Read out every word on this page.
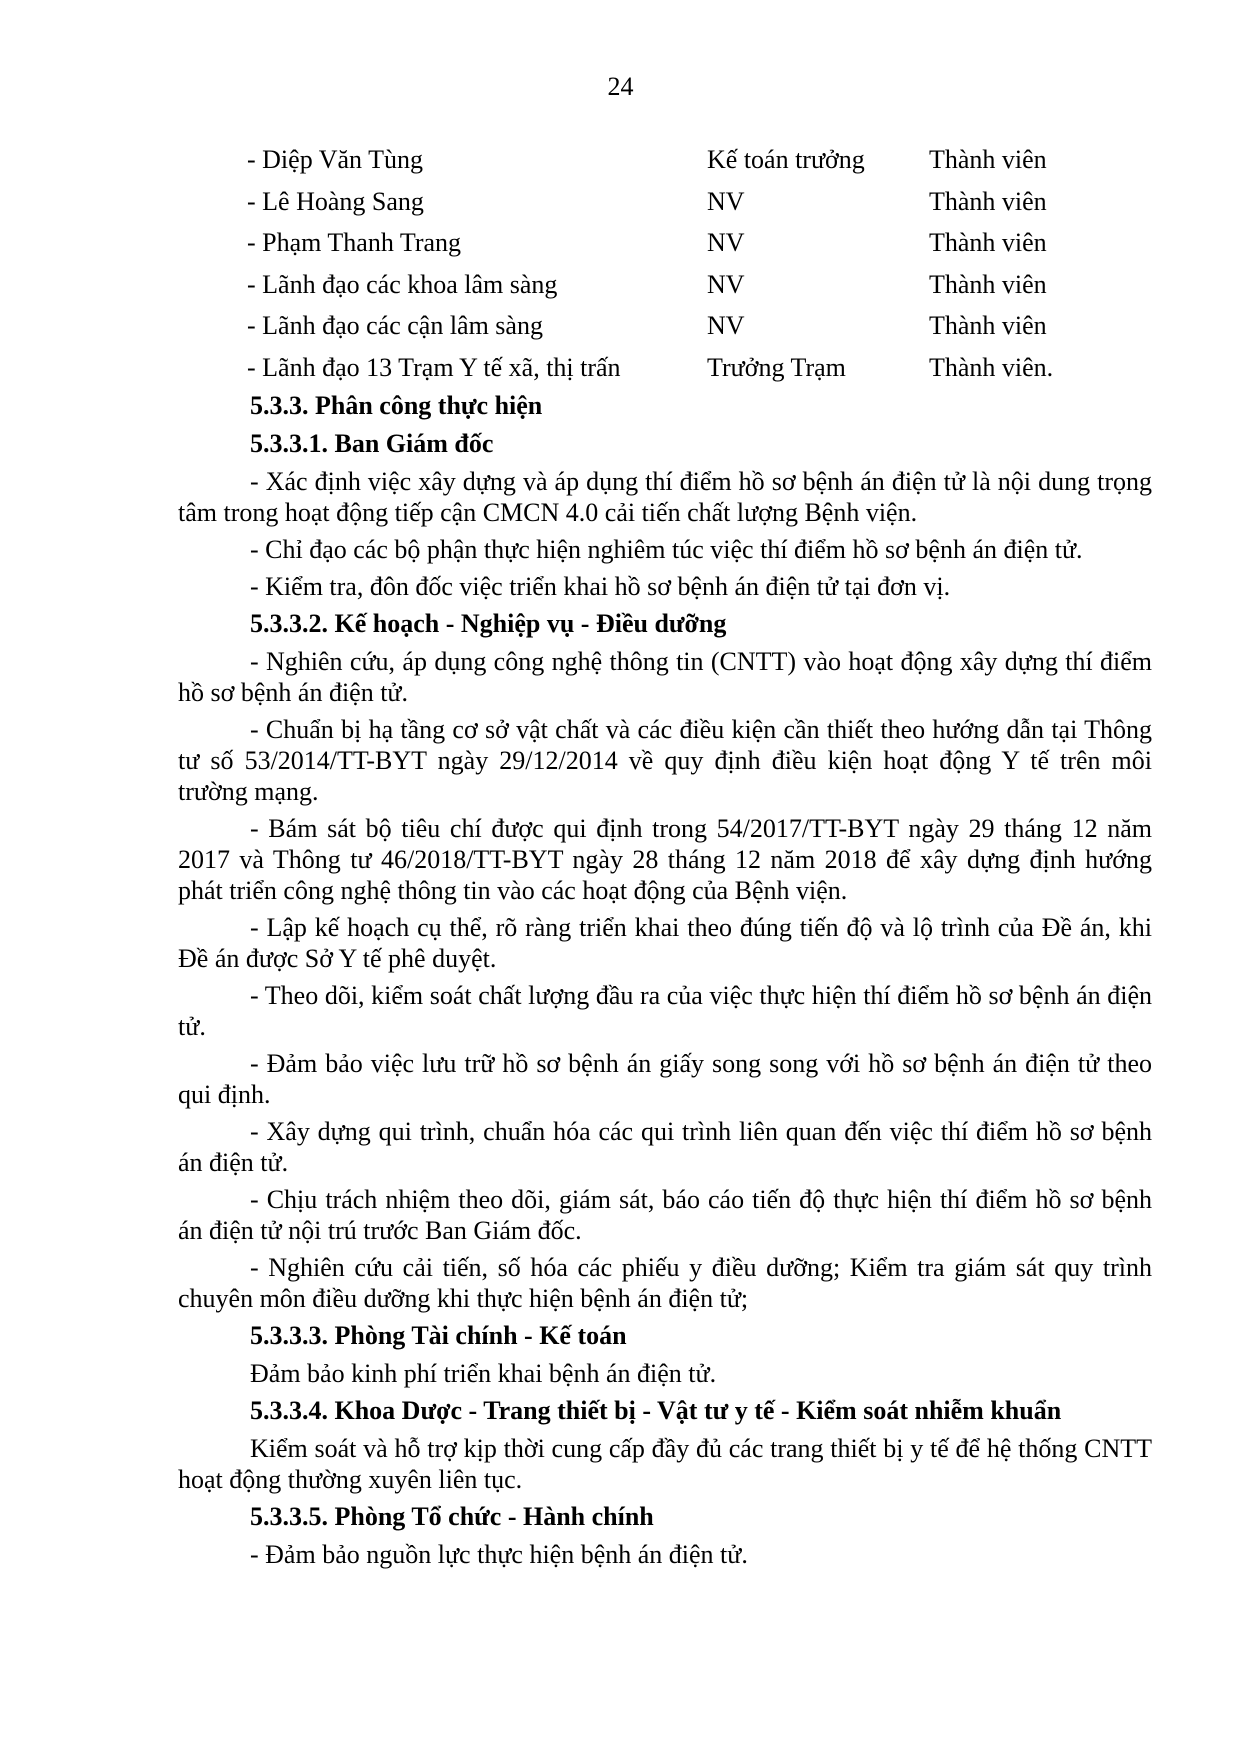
24
- Diệp Văn Tùng	Kế toán trưởng Thành viên
- Lê Hoàng Sang	NV	Thành viên
- Phạm Thanh Trang	NV	Thành viên
- Lãnh đạo các khoa lâm sàng	NV	Thành viên
- Lãnh đạo các cận lâm sàng	NV	Thành viên
- Lãnh đạo 13 Trạm Y tế xã, thị trấn	Trưởng Trạm	Thành viên.
5.3.3. Phân công thực hiện
5.3.3.1. Ban Giám đốc
- Xác định việc xây dựng và áp dụng thí điểm hồ sơ bệnh án điện tử là nội dung trọng tâm trong hoạt động tiếp cận CMCN 4.0 cải tiến chất lượng Bệnh viện.
- Chỉ đạo các bộ phận thực hiện nghiêm túc việc thí điểm hồ sơ bệnh án điện tử.
- Kiểm tra, đôn đốc việc triển khai hồ sơ bệnh án điện tử tại đơn vị.
5.3.3.2. Kế hoạch - Nghiệp vụ - Điều dưỡng
- Nghiên cứu, áp dụng công nghệ thông tin (CNTT) vào hoạt động xây dựng thí điểm hồ sơ bệnh án điện tử.
- Chuẩn bị hạ tầng cơ sở vật chất và các điều kiện cần thiết theo hướng dẫn tại Thông tư số 53/2014/TT-BYT ngày 29/12/2014 về quy định điều kiện hoạt động Y tế trên môi trường mạng.
- Bám sát bộ tiêu chí được qui định trong 54/2017/TT-BYT ngày 29 tháng 12 năm 2017 và Thông tư 46/2018/TT-BYT ngày 28 tháng 12 năm 2018 để xây dựng định hướng phát triển công nghệ thông tin vào các hoạt động của Bệnh viện.
- Lập kế hoạch cụ thể, rõ ràng triển khai theo đúng tiến độ và lộ trình của Đề án, khi Đề án được Sở Y tế phê duyệt.
- Theo dõi, kiểm soát chất lượng đầu ra của việc thực hiện thí điểm hồ sơ bệnh án điện tử.
- Đảm bảo việc lưu trữ hồ sơ bệnh án giấy song song với hồ sơ bệnh án điện tử theo qui định.
- Xây dựng qui trình, chuẩn hóa các qui trình liên quan đến việc thí điểm hồ sơ bệnh án điện tử.
- Chịu trách nhiệm theo dõi, giám sát, báo cáo tiến độ thực hiện thí điểm hồ sơ bệnh án điện tử nội trú trước Ban Giám đốc.
- Nghiên cứu cải tiến, số hóa các phiếu y điều dưỡng; Kiểm tra giám sát quy trình chuyên môn điều dưỡng khi thực hiện bệnh án điện tử;
5.3.3.3. Phòng Tài chính - Kế toán
Đảm bảo kinh phí triển khai bệnh án điện tử.
5.3.3.4. Khoa Dược - Trang thiết bị - Vật tư y tế - Kiểm soát nhiễm khuẩn
Kiểm soát và hỗ trợ kịp thời cung cấp đầy đủ các trang thiết bị y tế để hệ thống CNTT hoạt động thường xuyên liên tục.
5.3.3.5. Phòng Tổ chức - Hành chính
- Đảm bảo nguồn lực thực hiện bệnh án điện tử.
